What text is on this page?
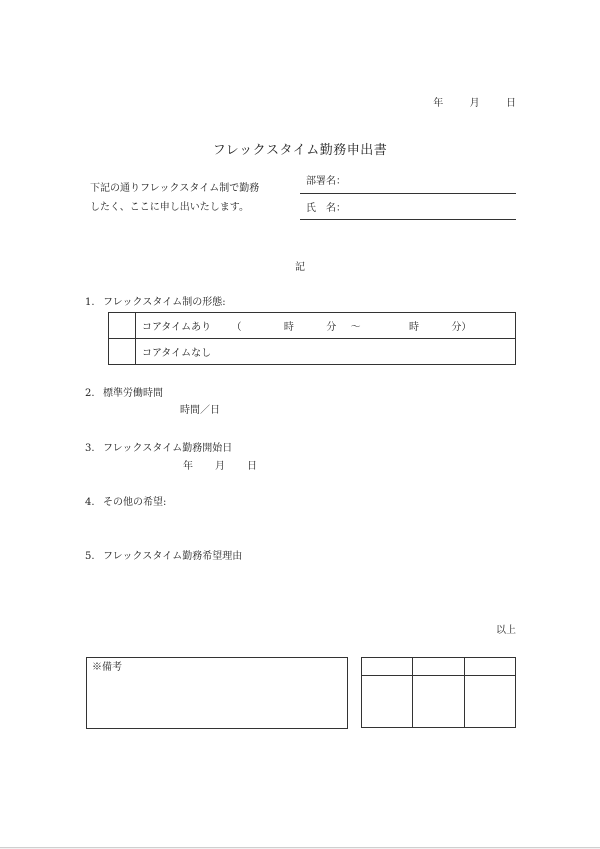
年	月	日
フレックスタイム勤務申出書
下記の通りフレックスタイム制で勤務
したく、ここに申し出いたします。
部署名：
氏　名：
記
1. フレックスタイム制の形態:
	コアタイムあり （ 時 分 ～ 時 分）
	コアタイムなし
2. 標準労働時間
時間／日
3. フレックスタイム勤務開始日
年 月 日
4. その他の希望:
5. フレックスタイム勤務希望理由
以上
※備考
